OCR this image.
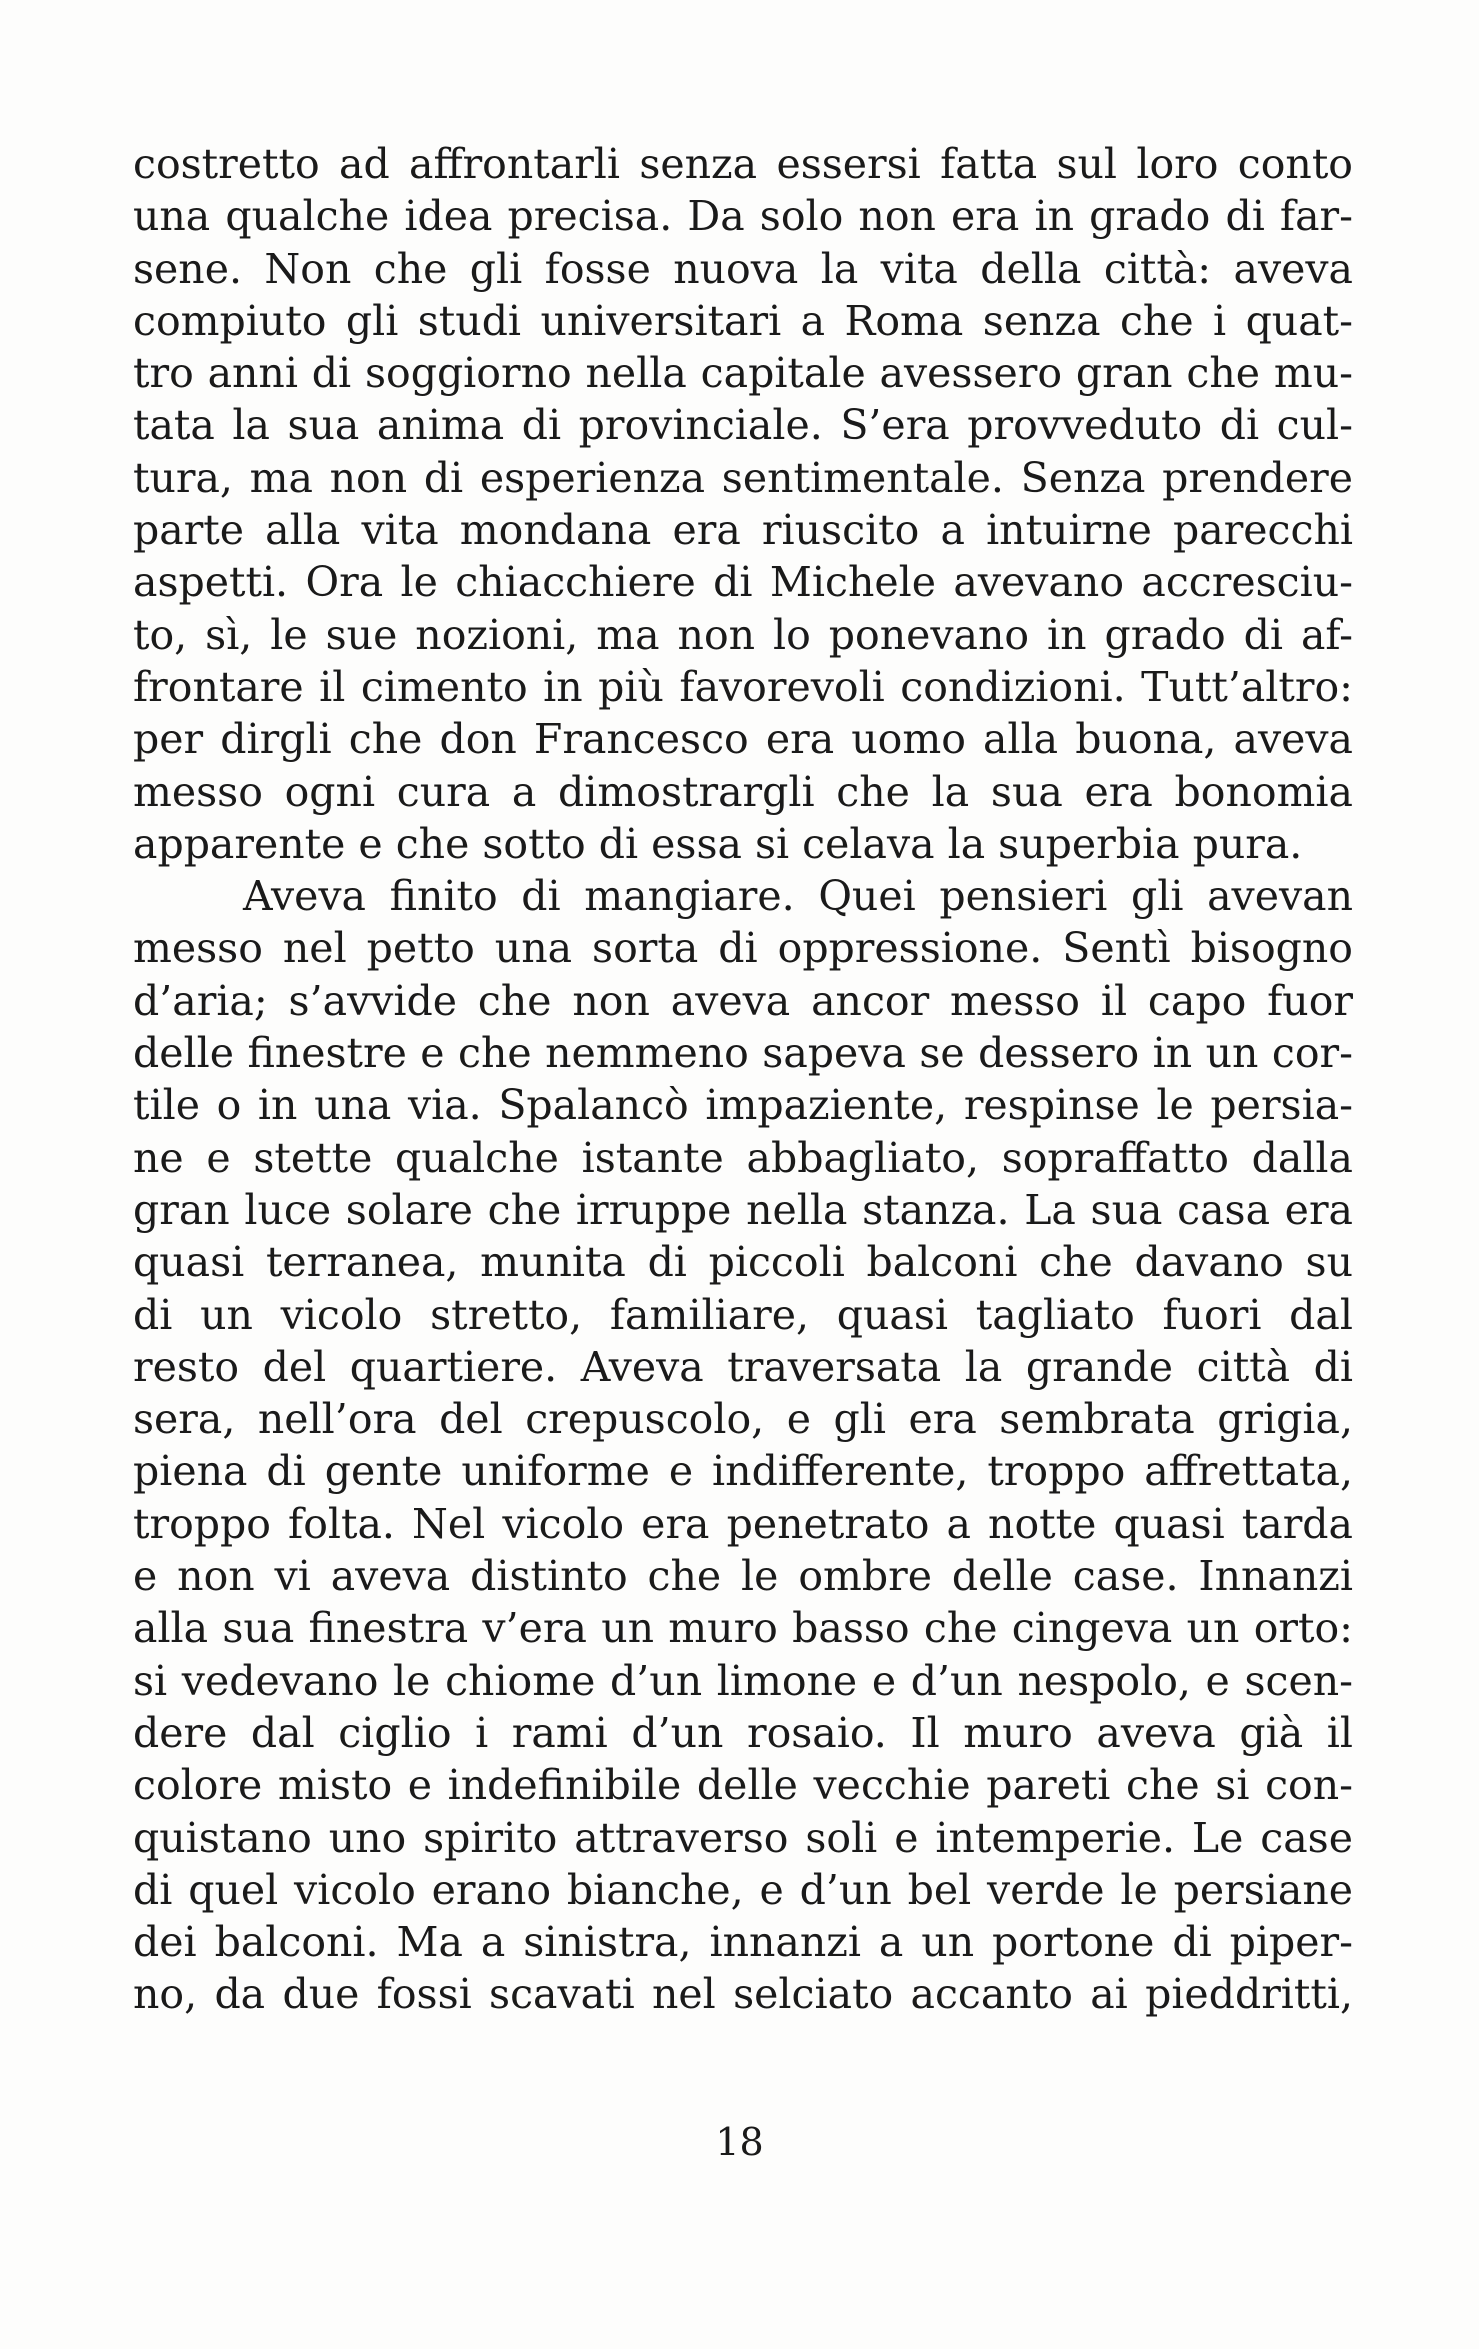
costretto ad affrontarli senza essersi fatta sul loro conto
una qualche idea precisa. Da solo non era in grado di far-
sene. Non che gli fosse nuova la vita della città: aveva
compiuto gli studi universitari a Roma senza che i quat-
tro anni di soggiorno nella capitale avessero gran che mu-
tata la sua anima di provinciale. S’era provveduto di cul-
tura, ma non di esperienza sentimentale. Senza prendere
parte alla vita mondana era riuscito a intuirne parecchi
aspetti. Ora le chiacchiere di Michele avevano accresciu-
to, sì, le sue nozioni, ma non lo ponevano in grado di af-
frontare il cimento in più favorevoli condizioni. Tutt’altro:
per dirgli che don Francesco era uomo alla buona, aveva
messo ogni cura a dimostrargli che la sua era bonomia
apparente e che sotto di essa si celava la superbia pura.
Aveva finito di mangiare. Quei pensieri gli avevan
messo nel petto una sorta di oppressione. Sentì bisogno
d’aria; s’avvide che non aveva ancor messo il capo fuor
delle finestre e che nemmeno sapeva se dessero in un cor-
tile o in una via. Spalancò impaziente, respinse le persia-
ne e stette qualche istante abbagliato, sopraffatto dalla
gran luce solare che irruppe nella stanza. La sua casa era
quasi terranea, munita di piccoli balconi che davano su
di un vicolo stretto, familiare, quasi tagliato fuori dal
resto del quartiere. Aveva traversata la grande città di
sera, nell’ora del crepuscolo, e gli era sembrata grigia,
piena di gente uniforme e indifferente, troppo affrettata,
troppo folta. Nel vicolo era penetrato a notte quasi tarda
e non vi aveva distinto che le ombre delle case. Innanzi
alla sua finestra v’era un muro basso che cingeva un orto:
si vedevano le chiome d’un limone e d’un nespolo, e scen-
dere dal ciglio i rami d’un rosaio. Il muro aveva già il
colore misto e indefinibile delle vecchie pareti che si con-
quistano uno spirito attraverso soli e intemperie. Le case
di quel vicolo erano bianche, e d’un bel verde le persiane
dei balconi. Ma a sinistra, innanzi a un portone di piper-
no, da due fossi scavati nel selciato accanto ai pieddritti,
18
